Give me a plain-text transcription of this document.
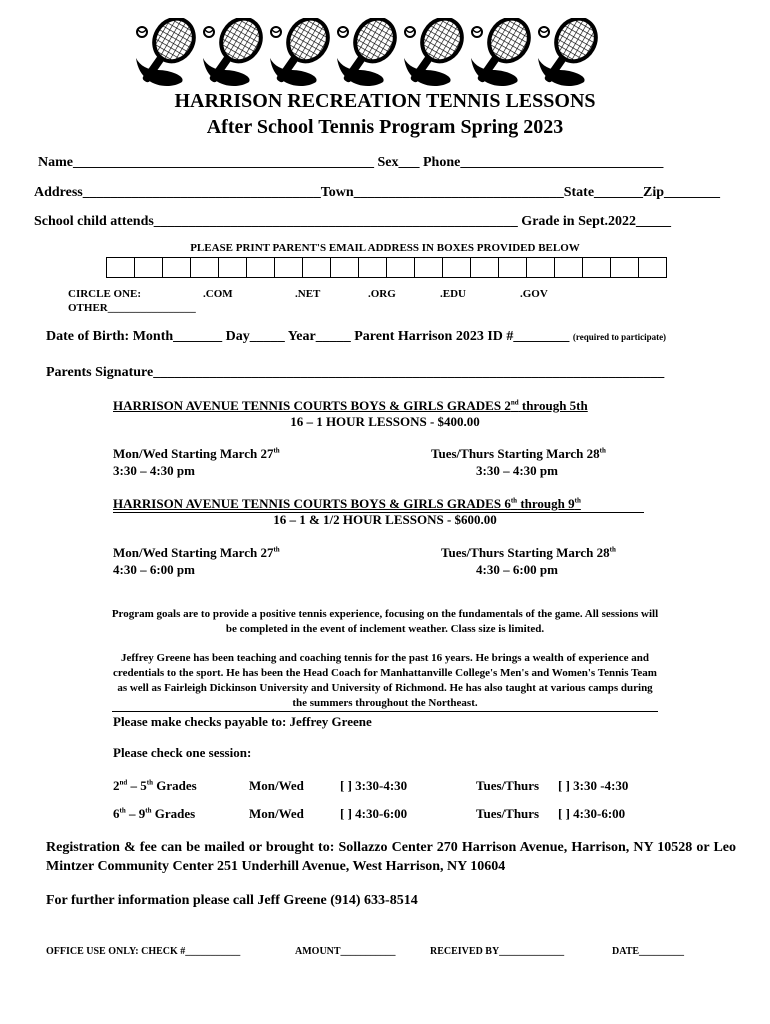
HARRISON RECREATION TENNIS LESSONS
After School Tennis Program Spring 2023
Name___________________________________________ Sex___ Phone_____________________________
Address__________________________________Town______________________________State_______Zip________
School child attends____________________________________________________ Grade in Sept.2022_____
PLEASE PRINT PARENT'S EMAIL ADDRESS IN BOXES PROVIDED BELOW
CIRCLE ONE:	.COM	.NET	.ORG	.EDU	.GOV
OTHER________________
Date of Birth: Month_______ Day_____ Year_____ Parent Harrison 2023 ID #________ (required to participate)
Parents Signature_________________________________________________________________________
HARRISON AVENUE TENNIS COURTS BOYS & GIRLS GRADES 2nd through 5th
16 – 1 HOUR LESSONS - $400.00
Mon/Wed Starting March 27th
3:30 – 4:30 pm
Tues/Thurs Starting March 28th
3:30 – 4:30 pm
HARRISON AVENUE TENNIS COURTS BOYS & GIRLS GRADES 6th through 9th
16 – 1 & 1/2 HOUR LESSONS - $600.00
Mon/Wed Starting March 27th
4:30 – 6:00 pm
Tues/Thurs Starting March 28th
4:30 – 6:00 pm
Program goals are to provide a positive tennis experience, focusing on the fundamentals of the game. All sessions will be completed in the event of inclement weather. Class size is limited.
Jeffrey Greene has been teaching and coaching tennis for the past 16 years. He brings a wealth of experience and credentials to the sport. He has been the Head Coach for Manhattanville College's Men's and Women's Tennis Team as well as Fairleigh Dickinson University and University of Richmond. He has also taught at various camps during the summers throughout the Northeast.
Please make checks payable to: Jeffrey Greene
Please check one session:
2nd – 5th Grades	Mon/Wed	[ ] 3:30-4:30	Tues/Thurs [ ] 3:30 -4:30
6th – 9th Grades	Mon/Wed	[ ] 4:30-6:00	Tues/Thurs [ ] 4:30-6:00
Registration & fee can be mailed or brought to: Sollazzo Center 270 Harrison Avenue, Harrison, NY 10528 or Leo Mintzer Community Center 251 Underhill Avenue, West Harrison, NY 10604
For further information please call Jeff Greene (914) 633-8514
OFFICE USE ONLY: CHECK #___________	AMOUNT___________	RECEIVED BY_____________	DATE_________
